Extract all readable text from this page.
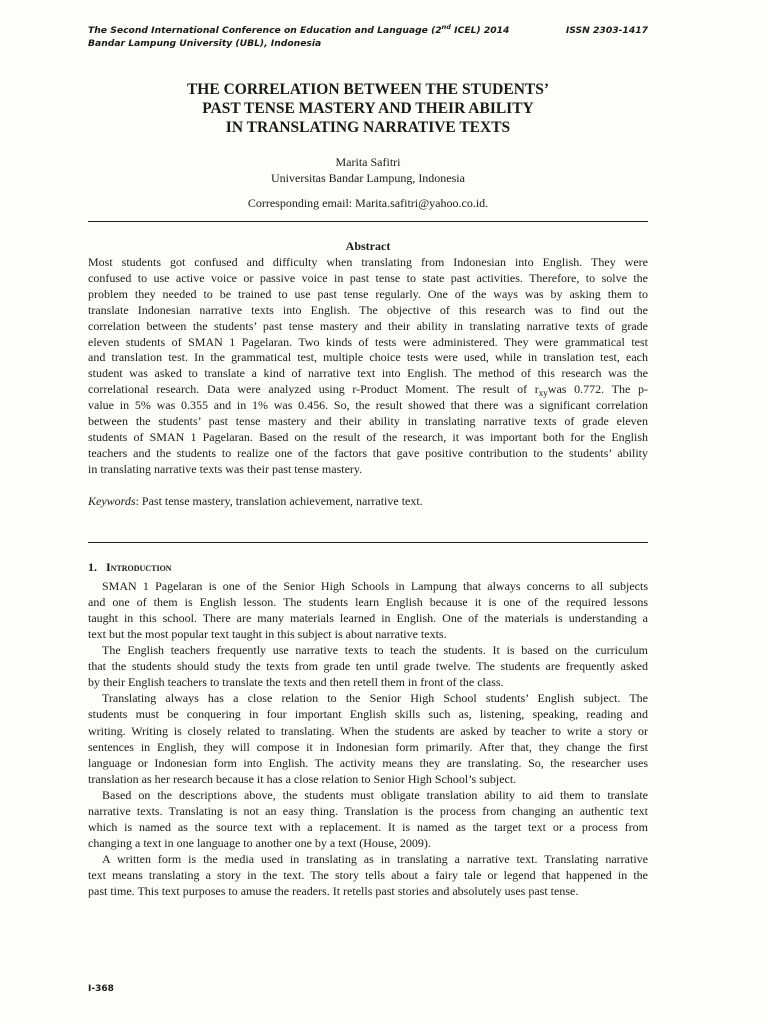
The Second International Conference on Education and Language (2nd ICEL) 2014
Bandar Lampung University (UBL), Indonesia
ISSN 2303-1417
THE CORRELATION BETWEEN THE STUDENTS’
PAST TENSE MASTERY AND THEIR ABILITY
IN TRANSLATING NARRATIVE TEXTS
Marita Safitri
Universitas Bandar Lampung, Indonesia
Corresponding email: Marita.safitri@yahoo.co.id.
Abstract
Most students got confused and difficulty when translating from Indonesian into English. They were
confused to use active voice or passive voice in past tense to state past activities. Therefore, to solve the
problem they needed to be trained to use past tense regularly. One of the ways was by asking them to
translate Indonesian narrative texts into English. The objective of this research was to find out the
correlation between the students’ past tense mastery and their ability in translating narrative texts of grade
eleven students of SMAN 1 Pagelaran. Two kinds of tests were administered. They were grammatical test
and translation test. In the grammatical test, multiple choice tests were used, while in translation test, each
student was asked to translate a kind of narrative text into English. The method of this research was the
correlational research. Data were analyzed using r-Product Moment. The result of $r_{xy}was$ 0.772. The p-
value in 5% was 0.355 and in 1% was 0.456. So, the result showed that there was a significant correlation
between the students’ past tense mastery and their ability in translating narrative texts of grade eleven
students of SMAN 1 Pagelaran. Based on the result of the research, it was important both for the English
teachers and the students to realize one of the factors that gave positive contribution to the students’ ability
in translating narrative texts was their past tense mastery.
Keywords: Past tense mastery, translation achievement, narrative text.
1. Introduction
SMAN 1 Pagelaran is one of the Senior High Schools in Lampung that always concerns to all subjects
and one of them is English lesson. The students learn English because it is one of the required lessons
taught in this school. There are many materials learned in English. One of the materials is understanding a
text but the most popular text taught in this subject is about narrative texts.
The English teachers frequently use narrative texts to teach the students. It is based on the curriculum
that the students should study the texts from grade ten until grade twelve. The students are frequently asked
by their English teachers to translate the texts and then retell them in front of the class.
Translating always has a close relation to the Senior High School students’ English subject. The
students must be conquering in four important English skills such as, listening, speaking, reading and
writing. Writing is closely related to translating. When the students are asked by teacher to write a story or
sentences in English, they will compose it in Indonesian form primarily. After that, they change the first
language or Indonesian form into English. The activity means they are translating. So, the researcher uses
translation as her research because it has a close relation to Senior High School’s subject.
Based on the descriptions above, the students must obligate translation ability to aid them to translate
narrative texts. Translating is not an easy thing. Translation is the process from changing an authentic text
which is named as the source text with a replacement. It is named as the target text or a process from
changing a text in one language to another one by a text (House, 2009).
A written form is the media used in translating as in translating a narrative text. Translating narrative
text means translating a story in the text. The story tells about a fairy tale or legend that happened in the
past time. This text purposes to amuse the readers. It retells past stories and absolutely uses past tense.
I-368
